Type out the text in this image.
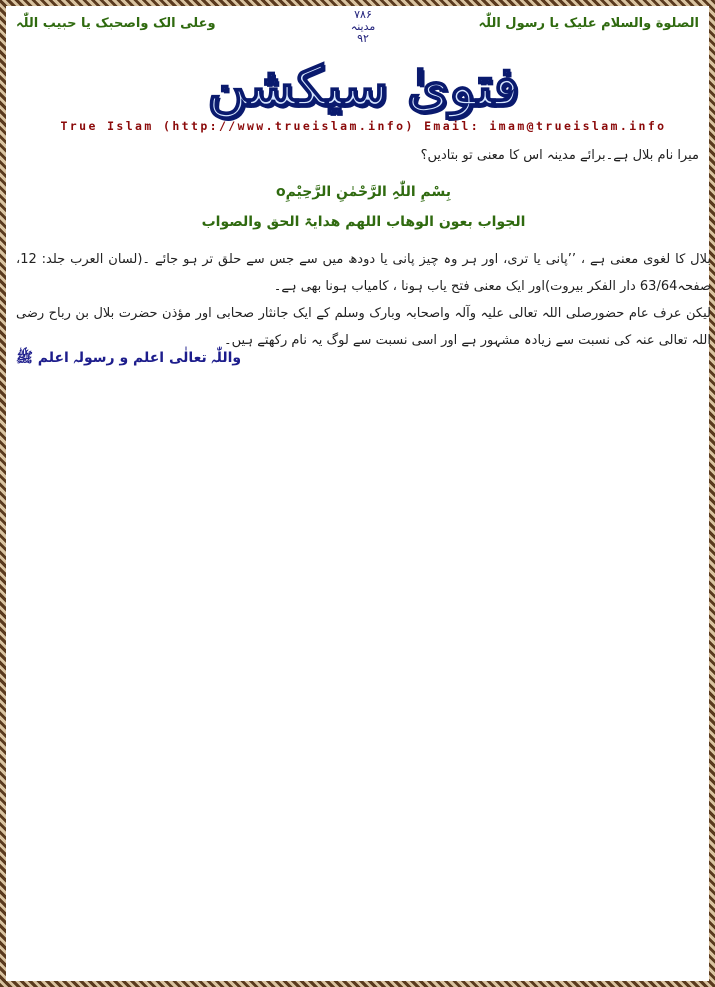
الصلوة والسلام علیک یا رسول اللّٰہ
۷۸۶
مدینہ
۹۲
وعلی الک واصحبک یا حبیب اللّٰہ
فتویٰ سیکشن
True Islam (http://www.trueislam.info) Email: imam@trueislam.info
میرا نام بلال ہے۔برائے مدینہ اس کا معنی تو بتادیں؟
بِسْمِ اللّٰہِ الرَّحْمٰنِ الرَّحِیْمِo
الجواب بعون الوھاب اللھم ھدایۃ الحق والصواب

بلال کا لغوی معنی ہے ، ’’پانی یا تری، اور ہر وہ چیز پانی یا دودھ میں سے جس سے حلق تر ہو جائے ۔(لسان العرب جلد: 12، صفحہ63/64 دار الفکر بیروت)اور ایک معنی فتح یاب ہونا ، کامیاب ہونا بھی ہے۔

لیکن عرف عام حضورصلی اللہ تعالی علیہ وآلہ واصحابہ وبارک وسلم کے ایک جانثار صحابی اور مؤذن حضرت بلال بن رباح رضی اللہ تعالی عنہ کی نسبت سے زیادہ مشہور ہے اور اسی نسبت سے لوگ یہ نام رکھتے ہیں۔

واللّٰہ تعالٰی اعلم و رسولہ اعلم ﷺ
